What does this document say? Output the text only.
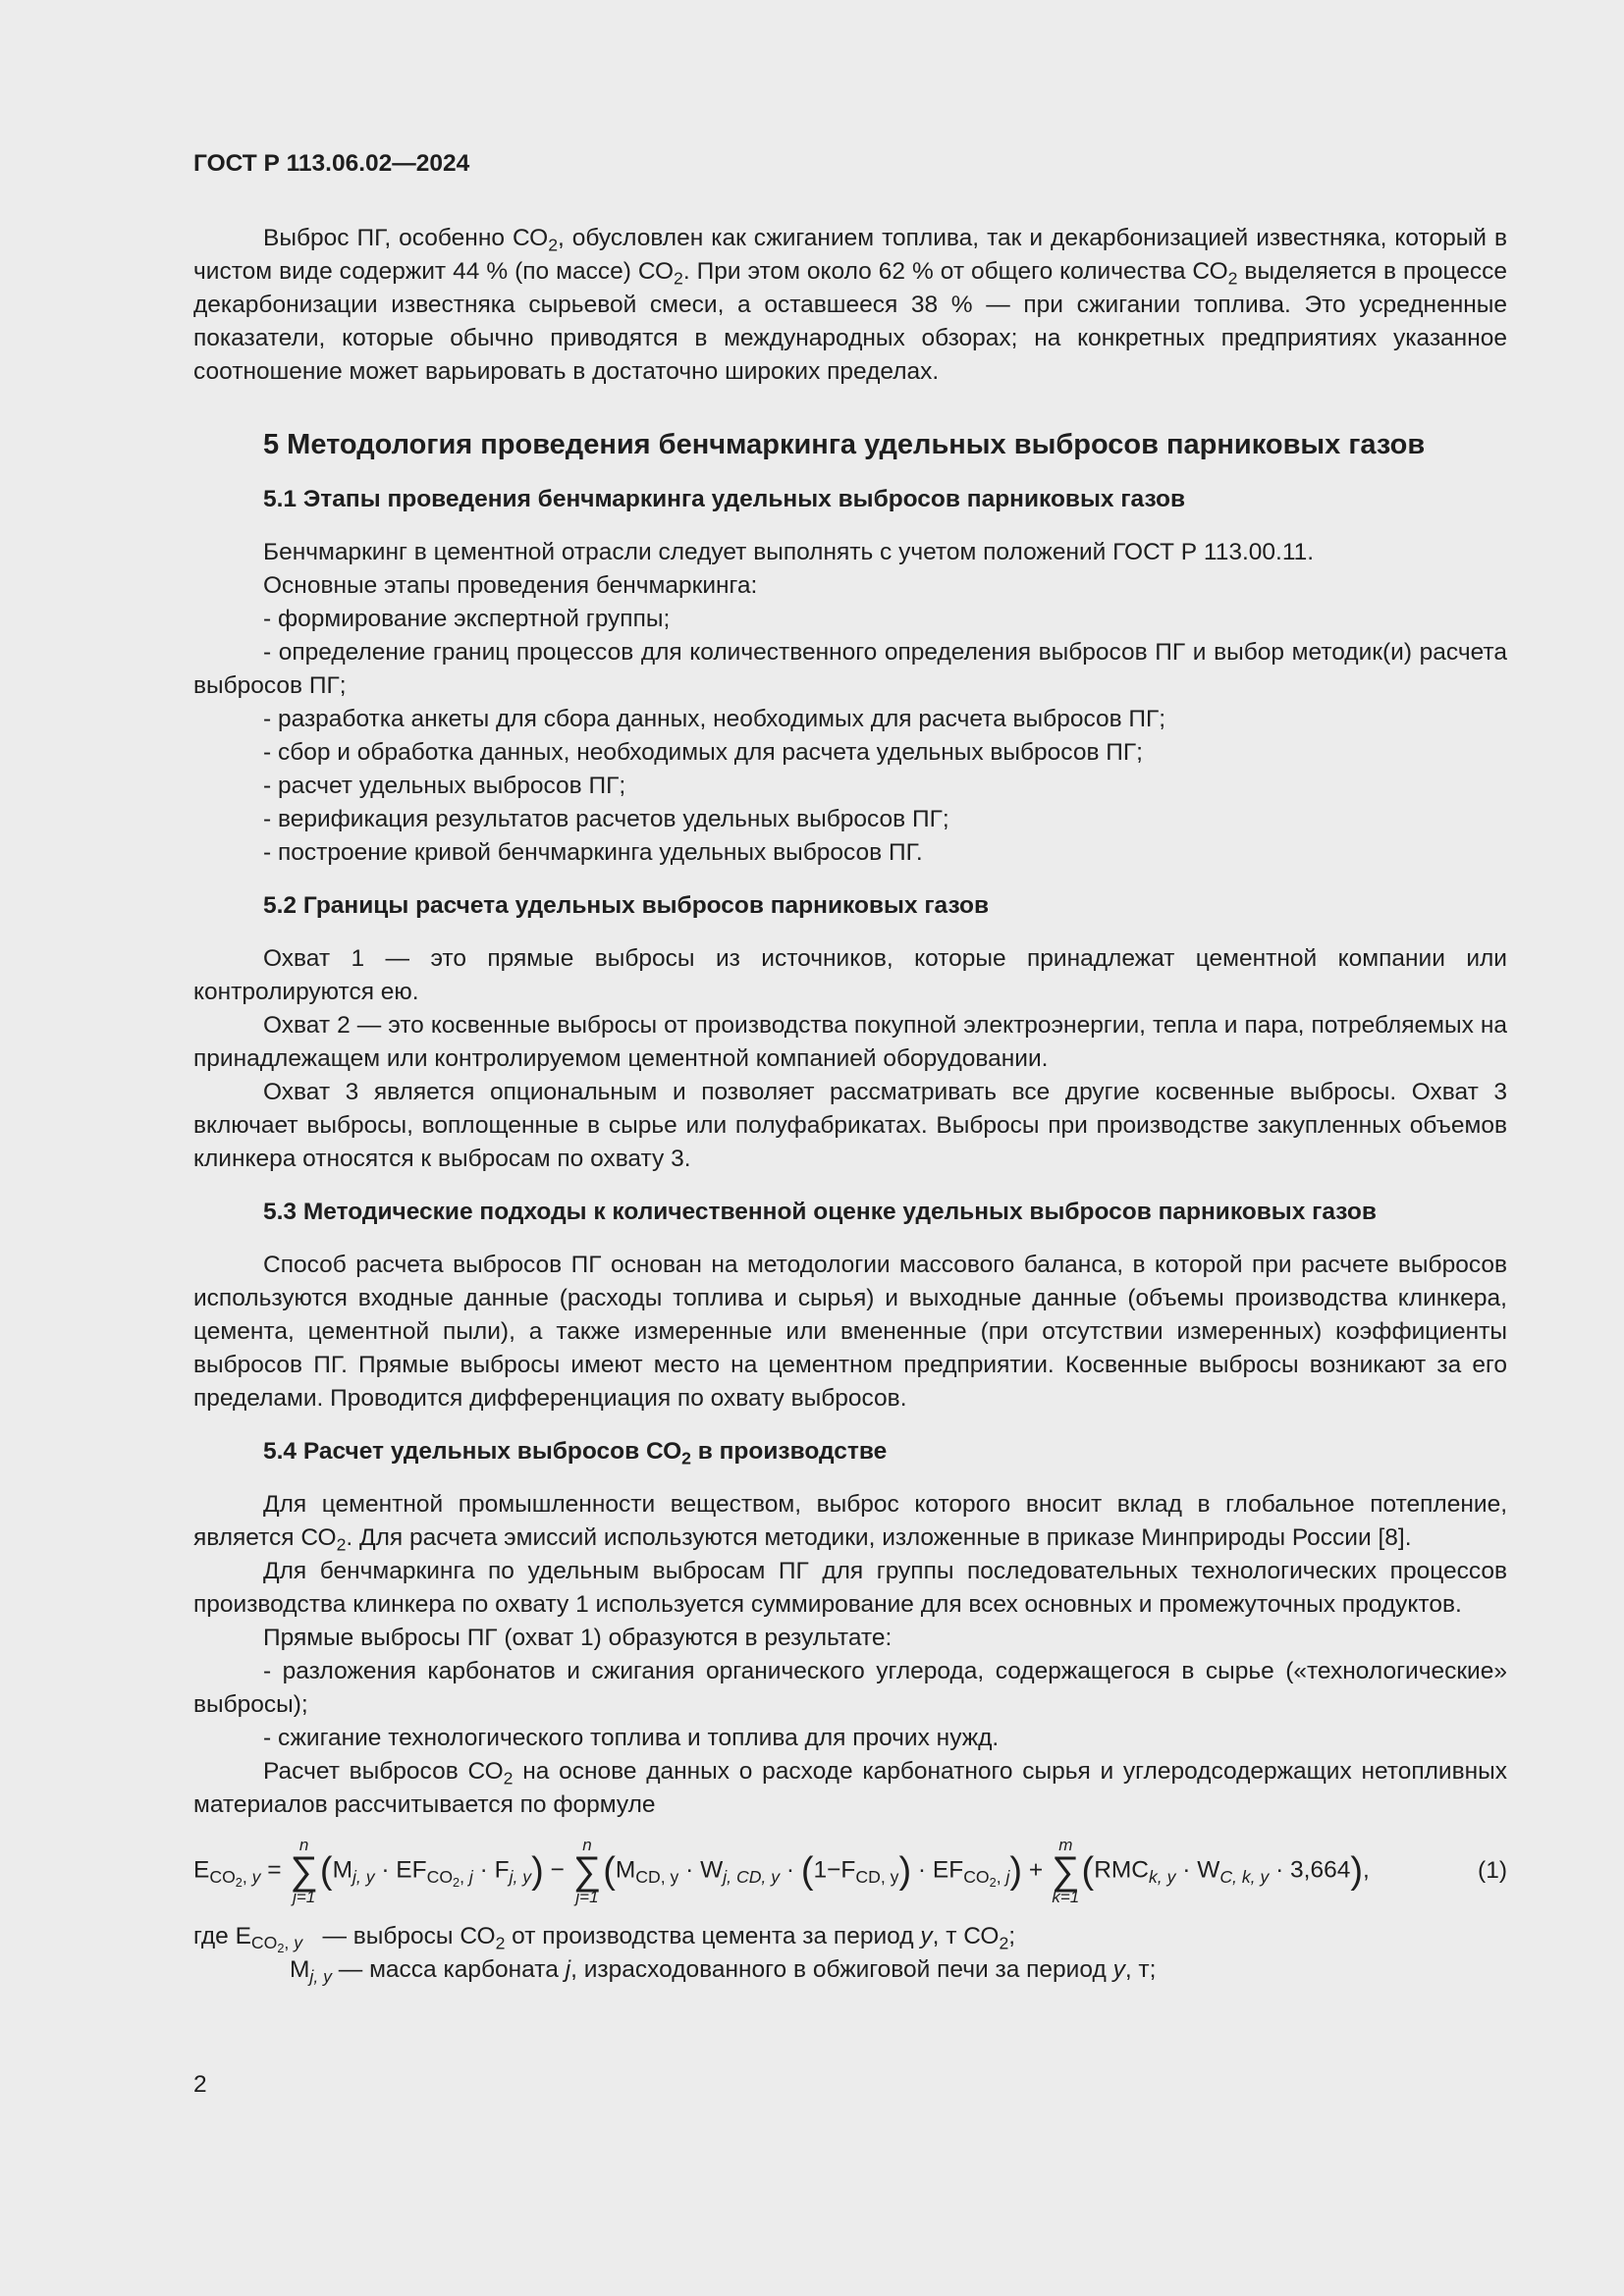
ГОСТ Р 113.06.02—2024

Выброс ПГ, особенно $СО_2$, обусловлен как сжиганием топлива, так и декарбонизацией известняка, который в чистом виде содержит 44 % (по массе) $СО_2$. При этом около 62 % от общего количества $СО_2$ выделяется в процессе декарбонизации известняка сырьевой смеси, а оставшееся 38 % — при сжигании топлива. Это усредненные показатели, которые обычно приводятся в международных обзорах; на конкретных предприятиях указанное соотношение может варьировать в достаточно широких пределах.

5 Методология проведения бенчмаркинга удельных выбросов парниковых газов
5.1 Этапы проведения бенчмаркинга удельных выбросов парниковых газов

Бенчмаркинг в цементной отрасли следует выполнять с учетом положений ГОСТ Р 113.00.11.

Основные этапы проведения бенчмаркинга:

- формирование экспертной группы;

- определение границ процессов для количественного определения выбросов ПГ и выбор методик(и) расчета выбросов ПГ;

- разработка анкеты для сбора данных, необходимых для расчета выбросов ПГ;

- сбор и обработка данных, необходимых для расчета удельных выбросов ПГ;

- расчет удельных выбросов ПГ;

- верификация результатов расчетов удельных выбросов ПГ;

- построение кривой бенчмаркинга удельных выбросов ПГ.

5.2 Границы расчета удельных выбросов парниковых газов

Охват 1 — это прямые выбросы из источников, которые принадлежат цементной компании или контролируются ею.

Охват 2 — это косвенные выбросы от производства покупной электроэнергии, тепла и пара, потребляемых на принадлежащем или контролируемом цементной компанией оборудовании.

Охват 3 является опциональным и позволяет рассматривать все другие косвенные выбросы. Охват 3 включает выбросы, воплощенные в сырье или полуфабрикатах. Выбросы при производстве закупленных объемов клинкера относятся к выбросам по охвату 3.

5.3 Методические подходы к количественной оценке удельных выбросов парниковых газов

Способ расчета выбросов ПГ основан на методологии массового баланса, в которой при расчете выбросов используются входные данные (расходы топлива и сырья) и выходные данные (объемы производства клинкера, цемента, цементной пыли), а также измеренные или вмененные (при отсутствии измеренных) коэффициенты выбросов ПГ. Прямые выбросы имеют место на цементном предприятии. Косвенные выбросы возникают за его пределами. Проводится дифференциация по охвату выбросов.

5.4 Расчет удельных выбросов $СО_2$ в производстве

Для цементной промышленности веществом, выброс которого вносит вклад в глобальное потепление, является $СО_2$. Для расчета эмиссий используются методики, изложенные в приказе Минприроды России [8].

Для бенчмаркинга по удельным выбросам ПГ для группы последовательных технологических процессов производства клинкера по охвату 1 используется суммирование для всех основных и промежуточных продуктов.

Прямые выбросы ПГ (охват 1) образуются в результате:

- разложения карбонатов и сжигания органического углерода, содержащегося в сырье («технологические» выбросы);

- сжигание технологического топлива и топлива для прочих нужд.

Расчет выбросов $СО_2$ на основе данных о расходе карбонатного сырья и углеродсодержащих нетопливных материалов рассчитывается по формуле

$E_{CO_2, y}$ =
n
∑
j=1
$(M_{j, y} \cdot EF_{CO_2, j} \cdot F_{j, y})$ −
n
∑
j=1
$(M_{CD, y} \cdot W_{j, CD, y} \cdot (1-F_{CD, y}) \cdot EF_{CO_2, j})$ +
m
∑
k=1
$(RMC_{k, y} \cdot W_{C, k, y} \cdot 3,664)$,	(1)

где $E_{CO_2, y}$   — выбросы $СО_2$ от производства цемента за период y, т $СО_2$;

$M_{j, y}$ — масса карбоната j, израсходованного в обжиговой печи за период y, т;

2
